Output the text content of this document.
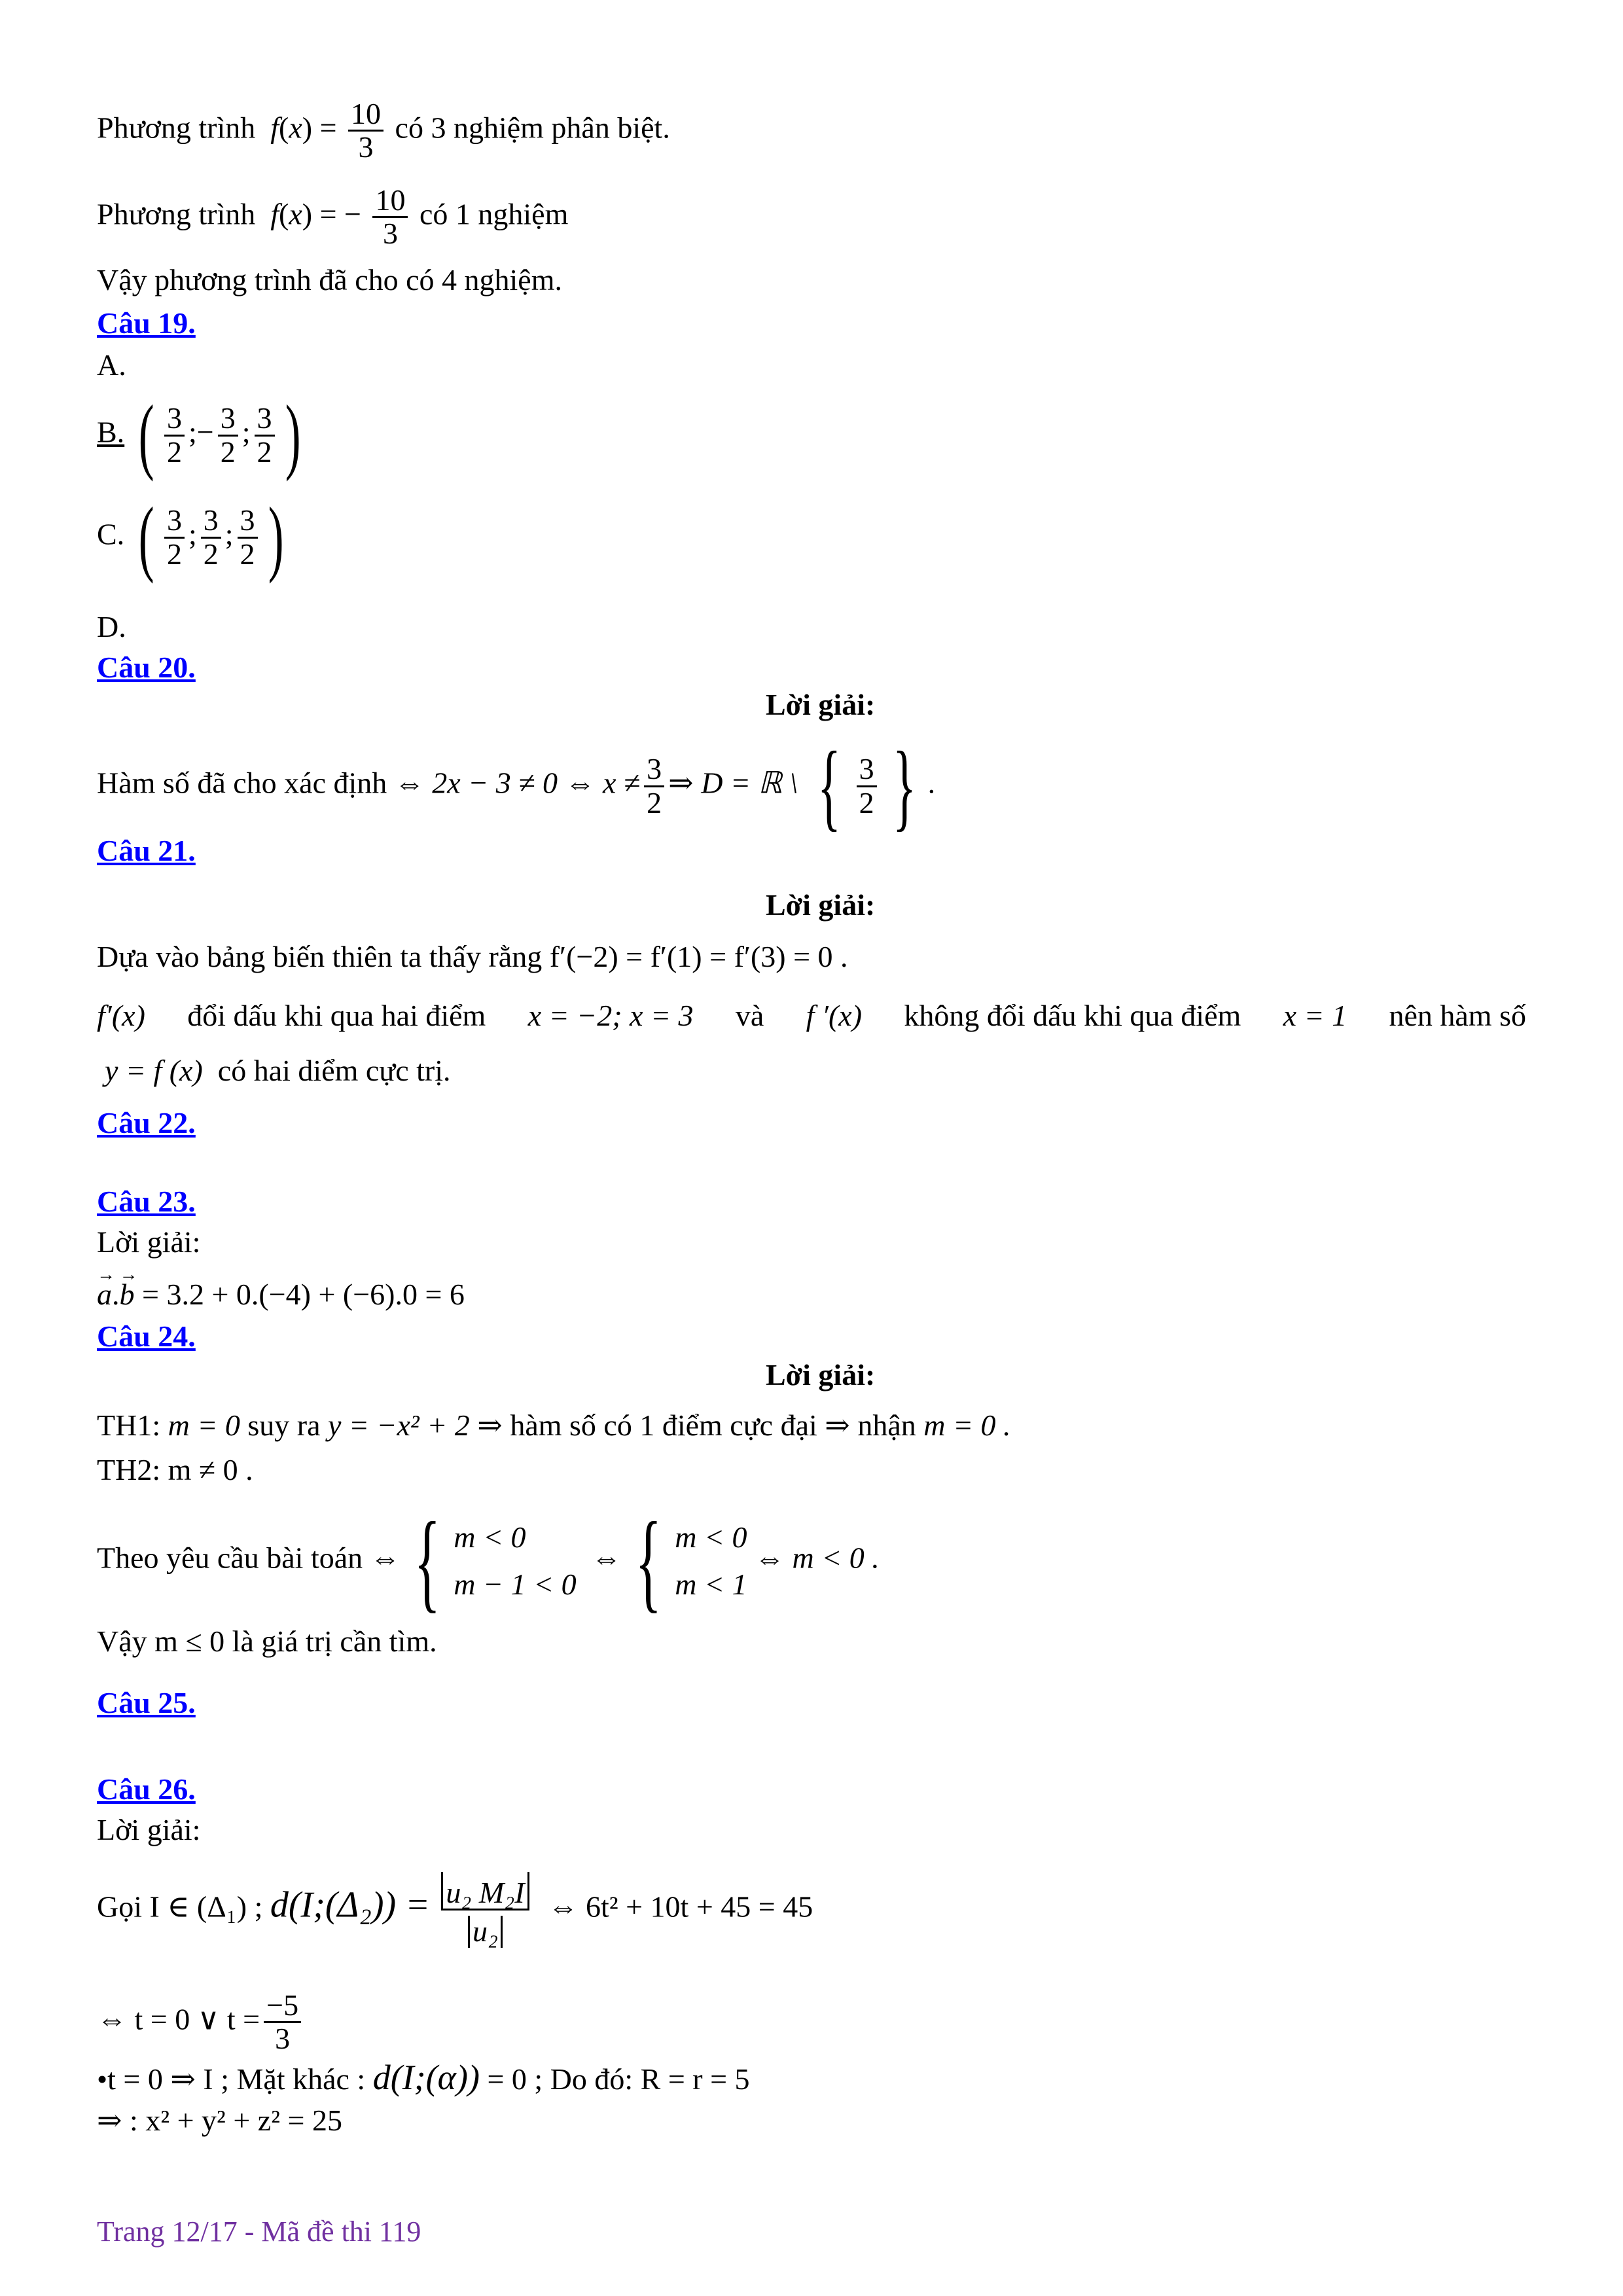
Phương trình $f(x) = \frac{10}{3}$ có 3 nghiệm phân biệt.
Phương trình f(x) = − $\frac{10}{3}$ có 1 nghiệm
Vậy phương trình đã cho có 4 nghiệm.
Câu 19.
A.
B. ( $\frac{3}{2}$ ;− $\frac{3}{2}$ ; $\frac{3}{2}$ )
C. ( $\frac{3}{2}$ ; $\frac{3}{2}$ ; $\frac{3}{2}$ )
D.
Câu 20.
Lời giải:
Hàm số đã cho xác định ⇔ 2x − 3 ≠ 0 ⇔ $x \ne \frac{3}{2}$ ⇒ D = ℝ \ { $\frac{3}{2}$ } .
Câu 21.
Lời giải:
Dựa vào bảng biến thiên ta thấy rằng f′(−2) = f′(1) = f′(3) = 0 .
f′(x) đổi dấu khi qua hai điểm x = −2; x = 3 và f ′(x) không đổi dấu khi qua điểm x = 1 nên hàm số
y = f (x) có hai diểm cực trị.
Câu 22.
Câu 23.
Lời giải:
→ a.→ b = 3.2 + 0.(−4) + (−6).0 = 6
Câu 24.
Lời giải:
TH1: m = 0 suy ra y = −x² + 2 ⇒ hàm số có 1 điểm cực đại ⇒ nhận m = 0 .
TH2: m ≠ 0 .
Theo yêu cầu bài toán ⇔ { m < 0
m − 1 < 0
⇔ { m < 0
m < 1
⇔ m < 0 .
Vậy m ≤ 0 là giá trị cần tìm.
Câu 25.
Câu 26.
Lời giải:
Gọi I ∈ (Δ₁) ; d(I;(Δ₂)) = $\frac{\text{u₂ M₂I}}{\text{u₂}}$ ⇔ 6t² + 10t + 45 = 45
⇔ t = 0 ∨ $t = \frac{-5}{3}$
•t = 0 ⇒ I ; Mặt khác : d(I;(α)) = 0 ; Do đó: R = r = 5
⇒ : x² + y² + z² = 25
Trang 12/17 - Mã đề thi 119
